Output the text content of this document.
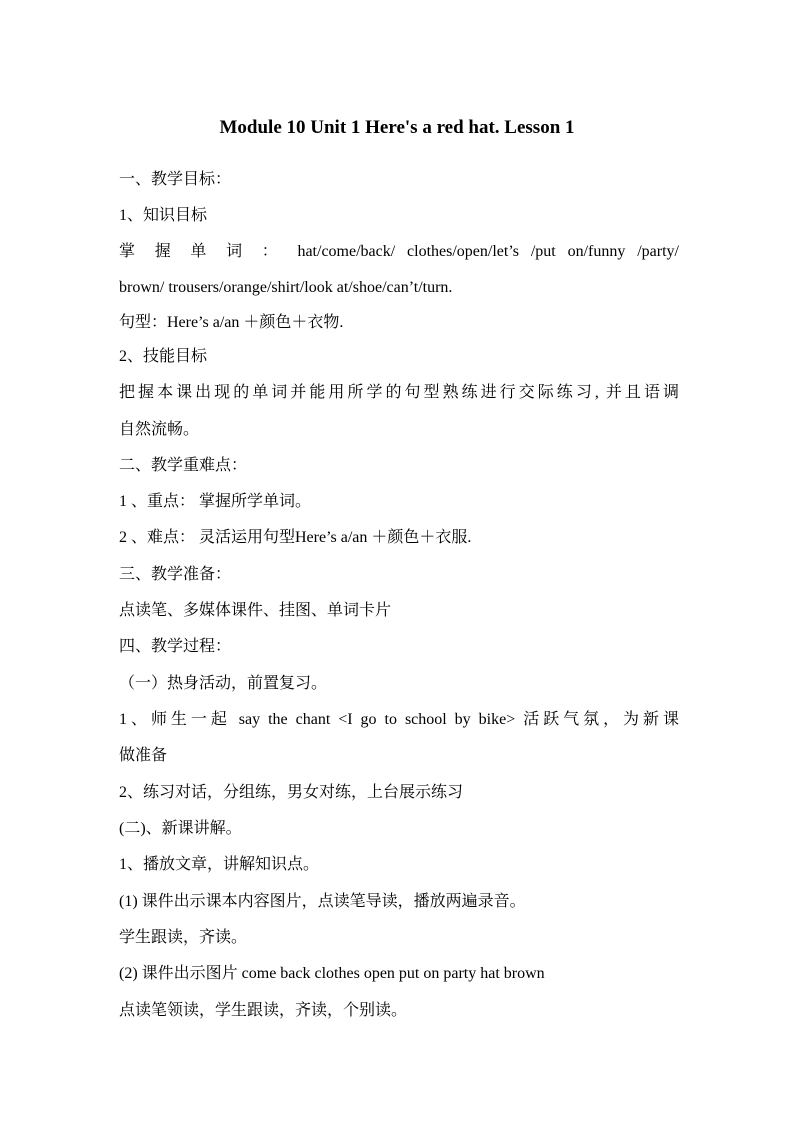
Module 10 Unit 1 Here's a red hat. Lesson 1
一、教学目标：
1、知识目标
掌 握 单 词 ： hat/come/back/ clothes/open/let’s /put on/funny /party/
brown/ trousers/orange/shirt/look at/shoe/can’t/turn.
句型：Here’s a/an ＋颜色＋衣物.
2、技能目标
把握本课出现的单词并能用所学的句型熟练进行交际练习, 并且语调
自然流畅。
二、教学重难点：
1 、重点： 掌握所学单词。
2 、难点： 灵活运用句型Here’s a/an ＋颜色＋衣服.
三、教学准备：
点读笔、多媒体课件、挂图、单词卡片
四、教学过程：
（一）热身活动，前置复习。
1、师生一起 say the chant <I go to school by bike> 活跃气氛，为新课
做准备
2、练习对话，分组练，男女对练，上台展示练习
(二)、新课讲解。
1、播放文章，讲解知识点。
(1) 课件出示课本内容图片，点读笔导读，播放两遍录音。
学生跟读，齐读。
(2) 课件出示图片 come back clothes open put on party hat brown
点读笔领读，学生跟读，齐读，个别读。
